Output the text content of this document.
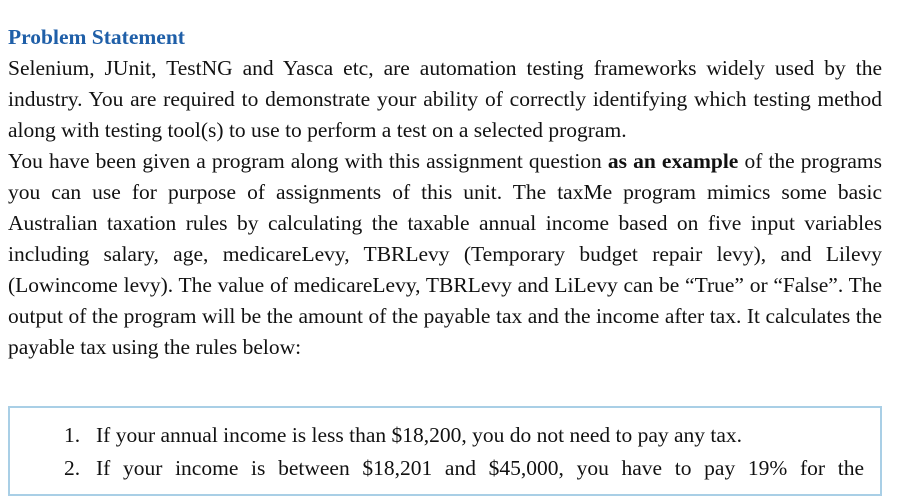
Problem Statement

Selenium, JUnit, TestNG and Yasca etc, are automation testing frameworks widely used by the industry. You are required to demonstrate your ability of correctly identifying which testing method along with testing tool(s) to use to perform a test on a selected program.

You have been given a program along with this assignment question as an example of the programs you can use for purpose of assignments of this unit. The taxMe program mimics some basic Australian taxation rules by calculating the taxable annual income based on five input variables including salary, age, medicareLevy, TBRLevy (Temporary budget repair levy), and Lilevy (Lowincome levy). The value of medicareLevy, TBRLevy and LiLevy can be “True” or “False”. The output of the program will be the amount of the payable tax and the income after tax. It calculates the payable tax using the rules below:

1. If your annual income is less than $18,200, you do not need to pay any tax.
2. If your income is between $18,201 and $45,000, you have to pay 19% for the
